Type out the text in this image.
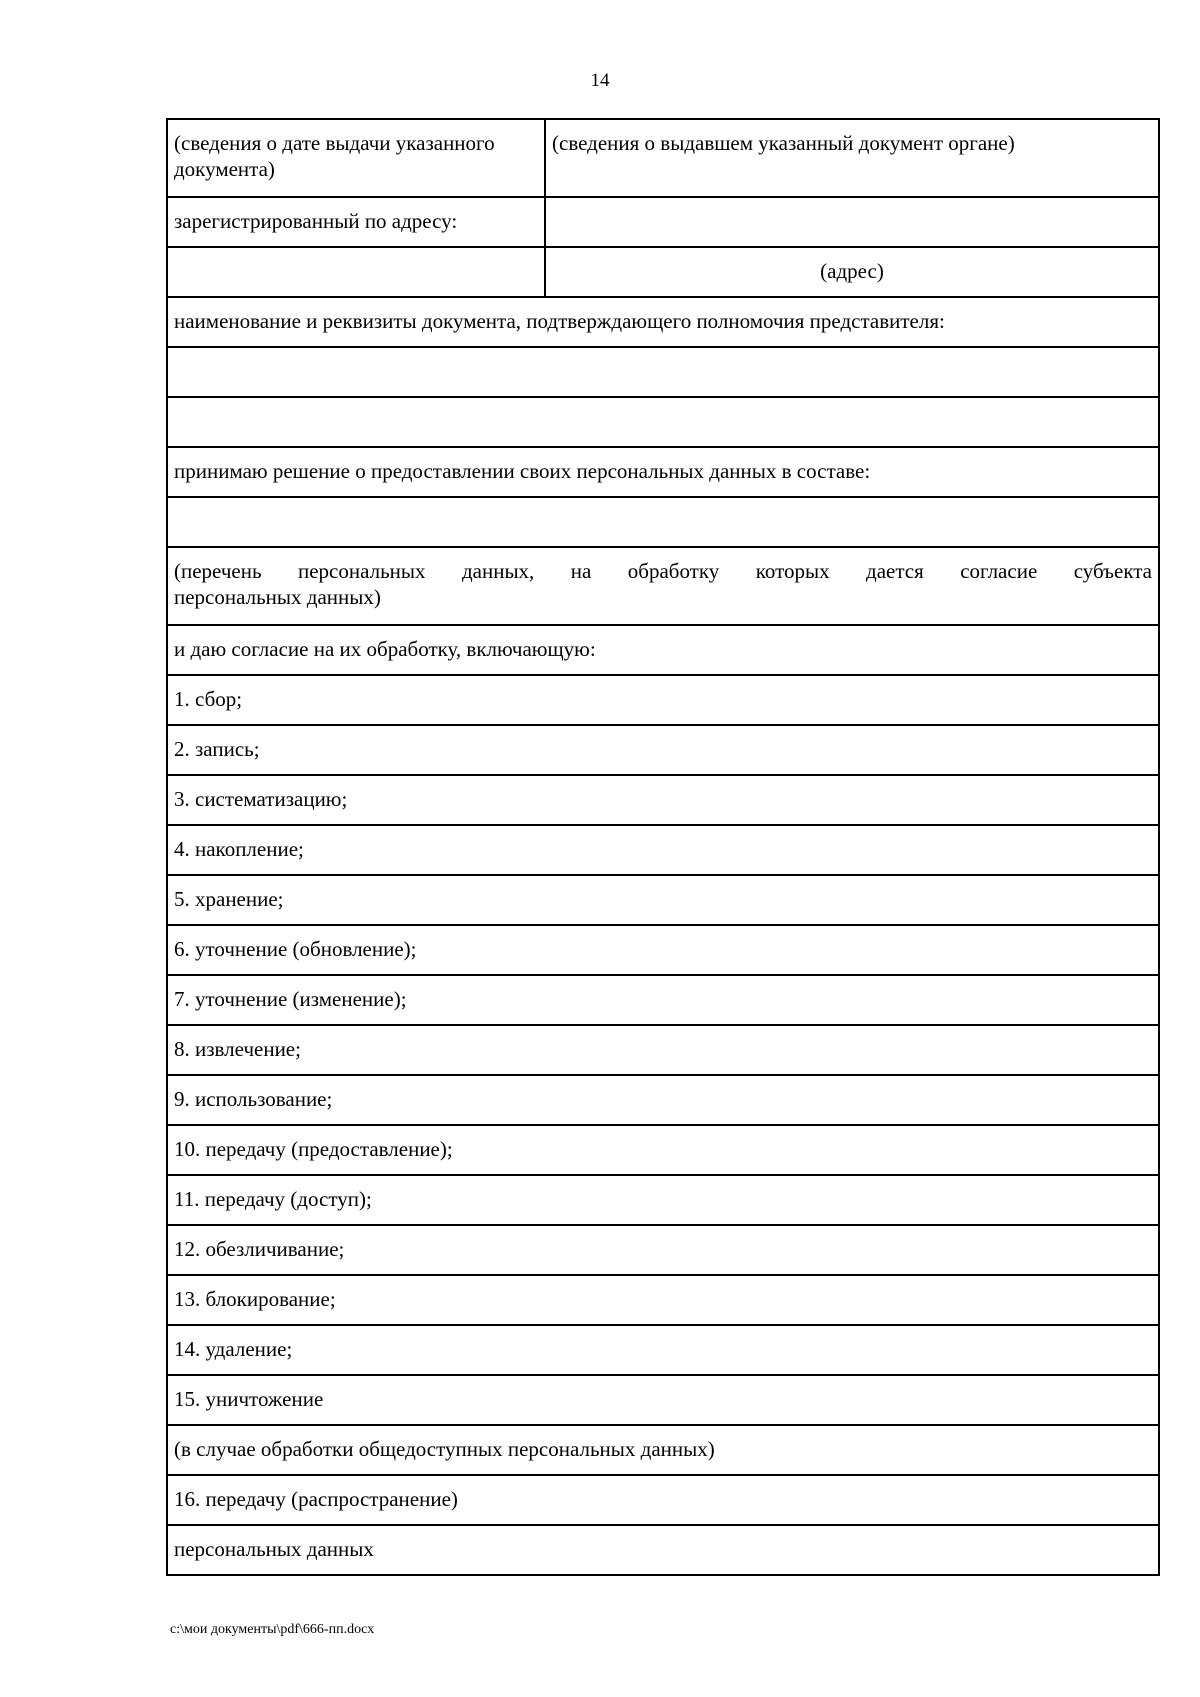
14
(сведения о дате выдачи указанного документа)	(сведения о выдавшем указанный документ органе)
зарегистрированный по адресу:	
	(адрес)
наименование и реквизиты документа, подтверждающего полномочия представителя:	

принимаю решение о предоставлении своих персональных данных в составе:	

(перечень персональных данных, на обработку которых дается согласие субъекта
персональных данных)	
и даю согласие на их обработку, включающую:	
1. сбор;	
2. запись;	
3. систематизацию;	
4. накопление;	
5. хранение;	
6. уточнение (обновление);	
7. уточнение (изменение);	
8. извлечение;	
9. использование;	
10. передачу (предоставление);	
11. передачу (доступ);	
12. обезличивание;	
13. блокирование;	
14. удаление;	
15. уничтожение	
(в случае обработки общедоступных персональных данных)	
16. передачу (распространение)	
персональных данных	
c:\мои документы\pdf\666-пп.docx
